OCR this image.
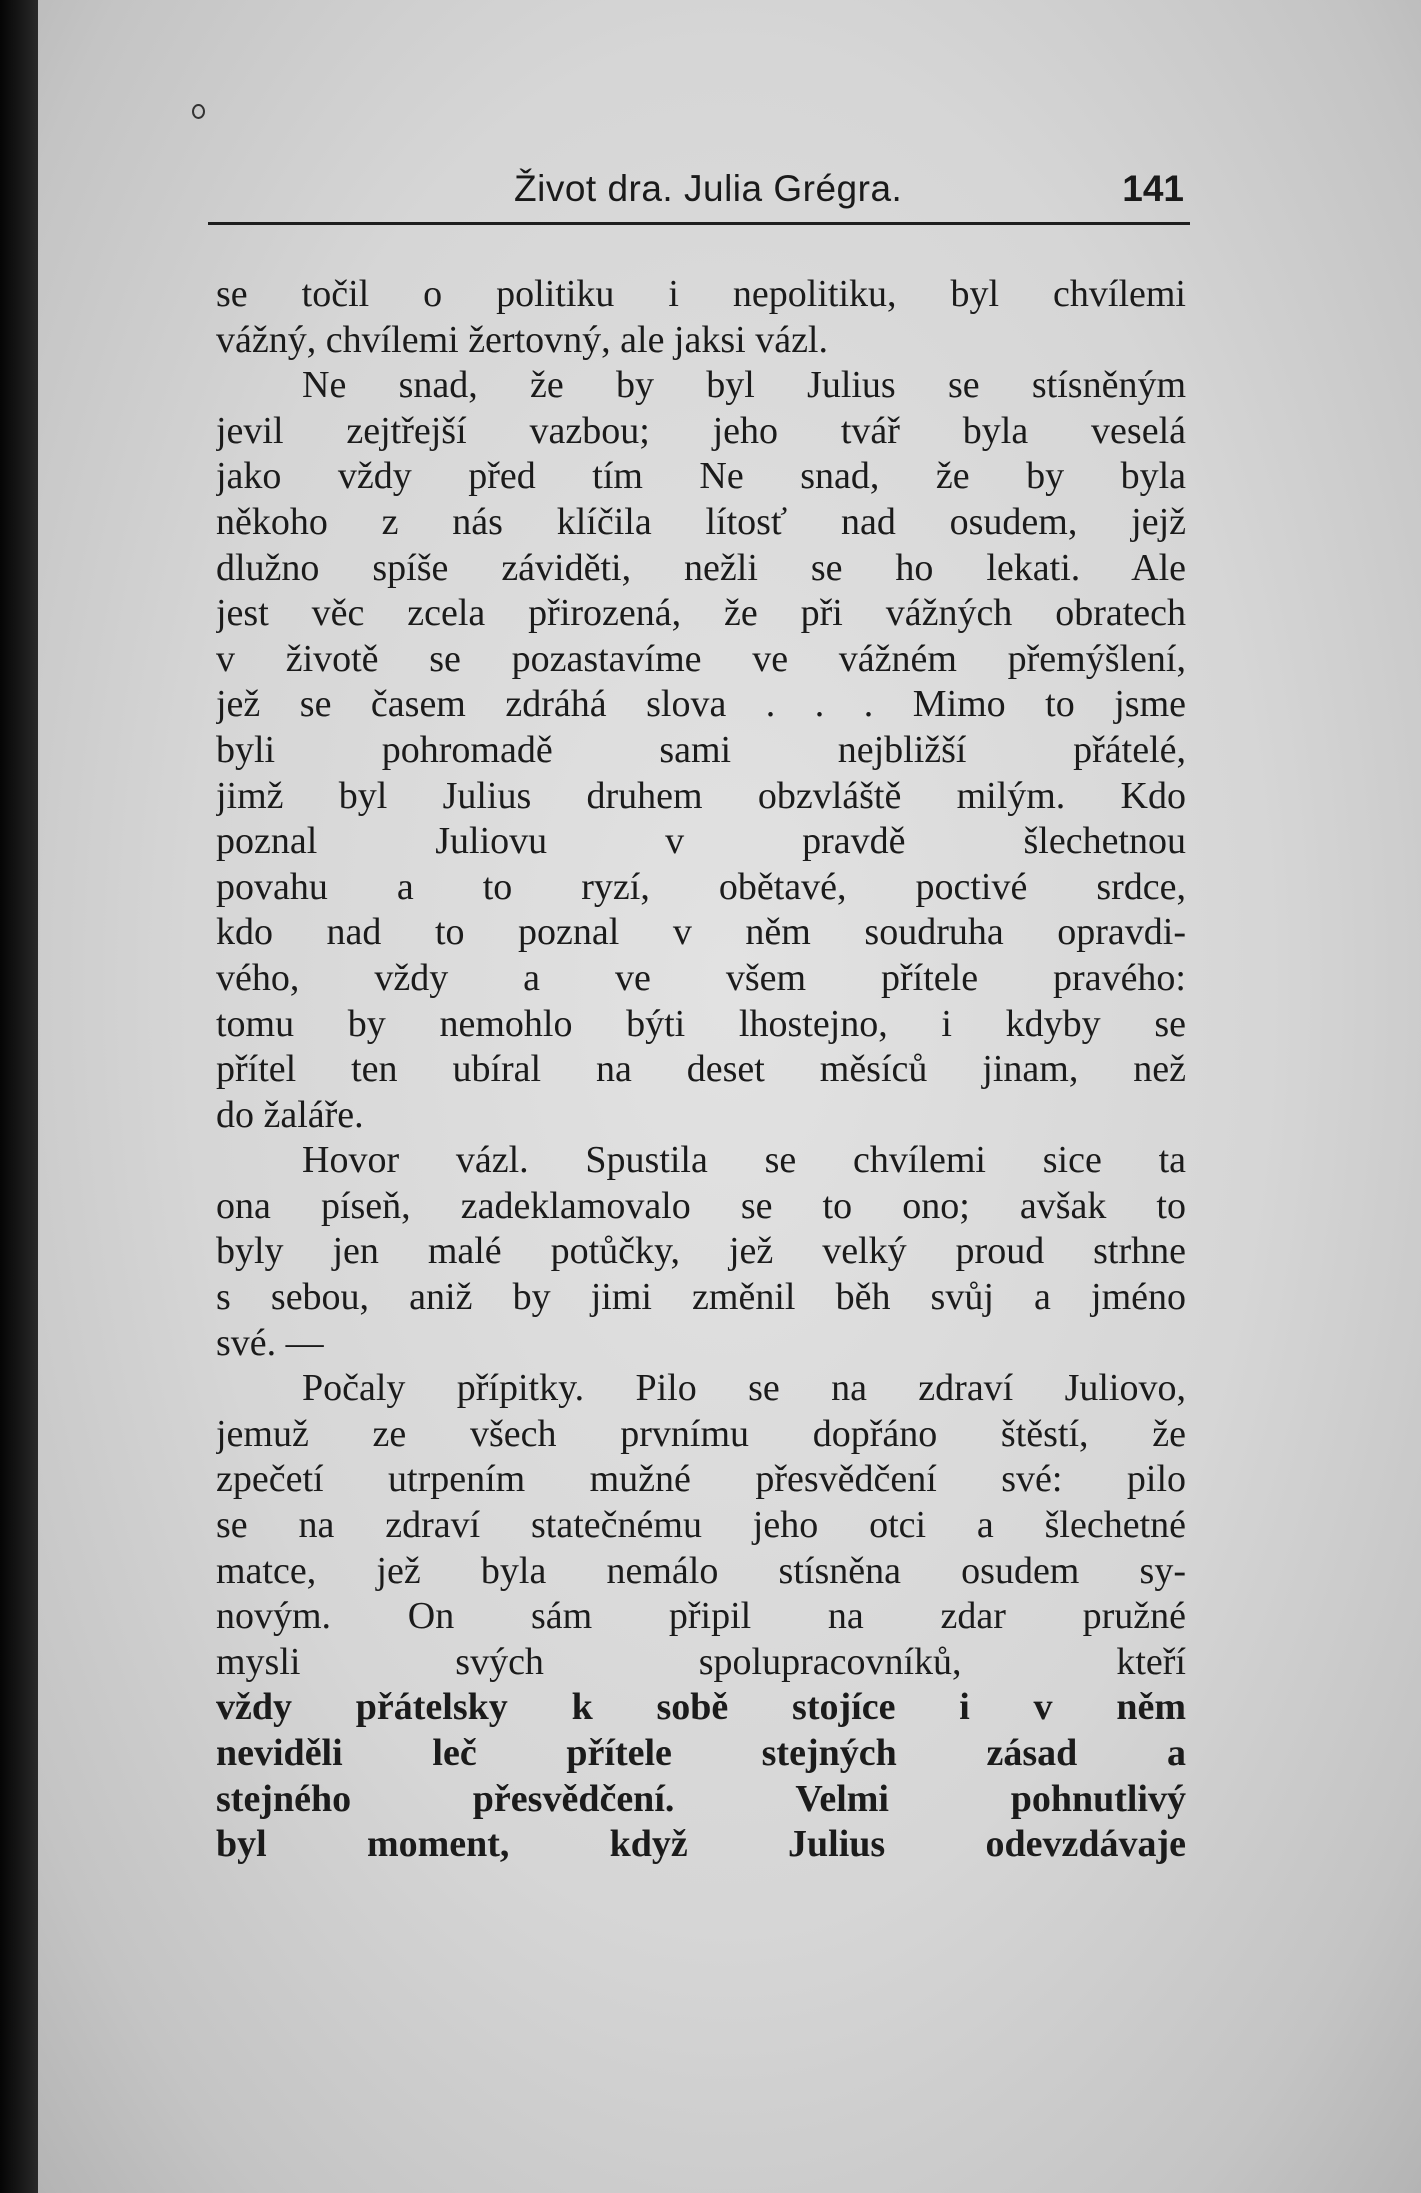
Život dra. Julia Grégra.	141
se točil o politiku i nepolitiku, byl chvílemi
vážný, chvílemi žertovný, ale jaksi vázl.
Ne snad, že by byl Julius se stísněným
jevil zejtřejší vazbou; jeho tvář byla veselá
jako vždy před tím Ne snad, že by byla
někoho z nás klíčila lítosť nad osudem, jejž
dlužno spíše záviděti, nežli se ho lekati. Ale
jest věc zcela přirozená, že při vážných obratech
v životě se pozastavíme ve vážném přemýšlení,
jež se časem zdráhá slova . . . Mimo to jsme
byli pohromadě sami nejbližší přátelé,
jimž byl Julius druhem obzvláště milým. Kdo
poznal Juliovu v pravdě šlechetnou
povahu a to ryzí, obětavé, poctivé srdce,
kdo nad to poznal v něm soudruha opravdi-
vého, vždy a ve všem přítele pravého:
tomu by nemohlo býti lhostejno, i kdyby se
přítel ten ubíral na deset měsíců jinam, než
do žaláře.
Hovor vázl. Spustila se chvílemi sice ta
ona píseň, zadeklamovalo se to ono; avšak to
byly jen malé potůčky, jež velký proud strhne
s sebou, aniž by jimi změnil běh svůj a jméno
své. —
Počaly přípitky. Pilo se na zdraví Juliovo,
jemuž ze všech prvnímu dopřáno štěstí, že
zpečetí utrpením mužné přesvědčení své: pilo
se na zdraví statečnému jeho otci a šlechetné
matce, jež byla nemálo stísněna osudem sy-
novým. On sám připil na zdar pružné
mysli svých spolupracovníků, kteří
vždy přátelsky k sobě stojíce i v něm
neviděli leč přítele stejných zásad a
stejného přesvědčení. Velmi pohnutlivý
byl moment, když Julius odevzdávaje
